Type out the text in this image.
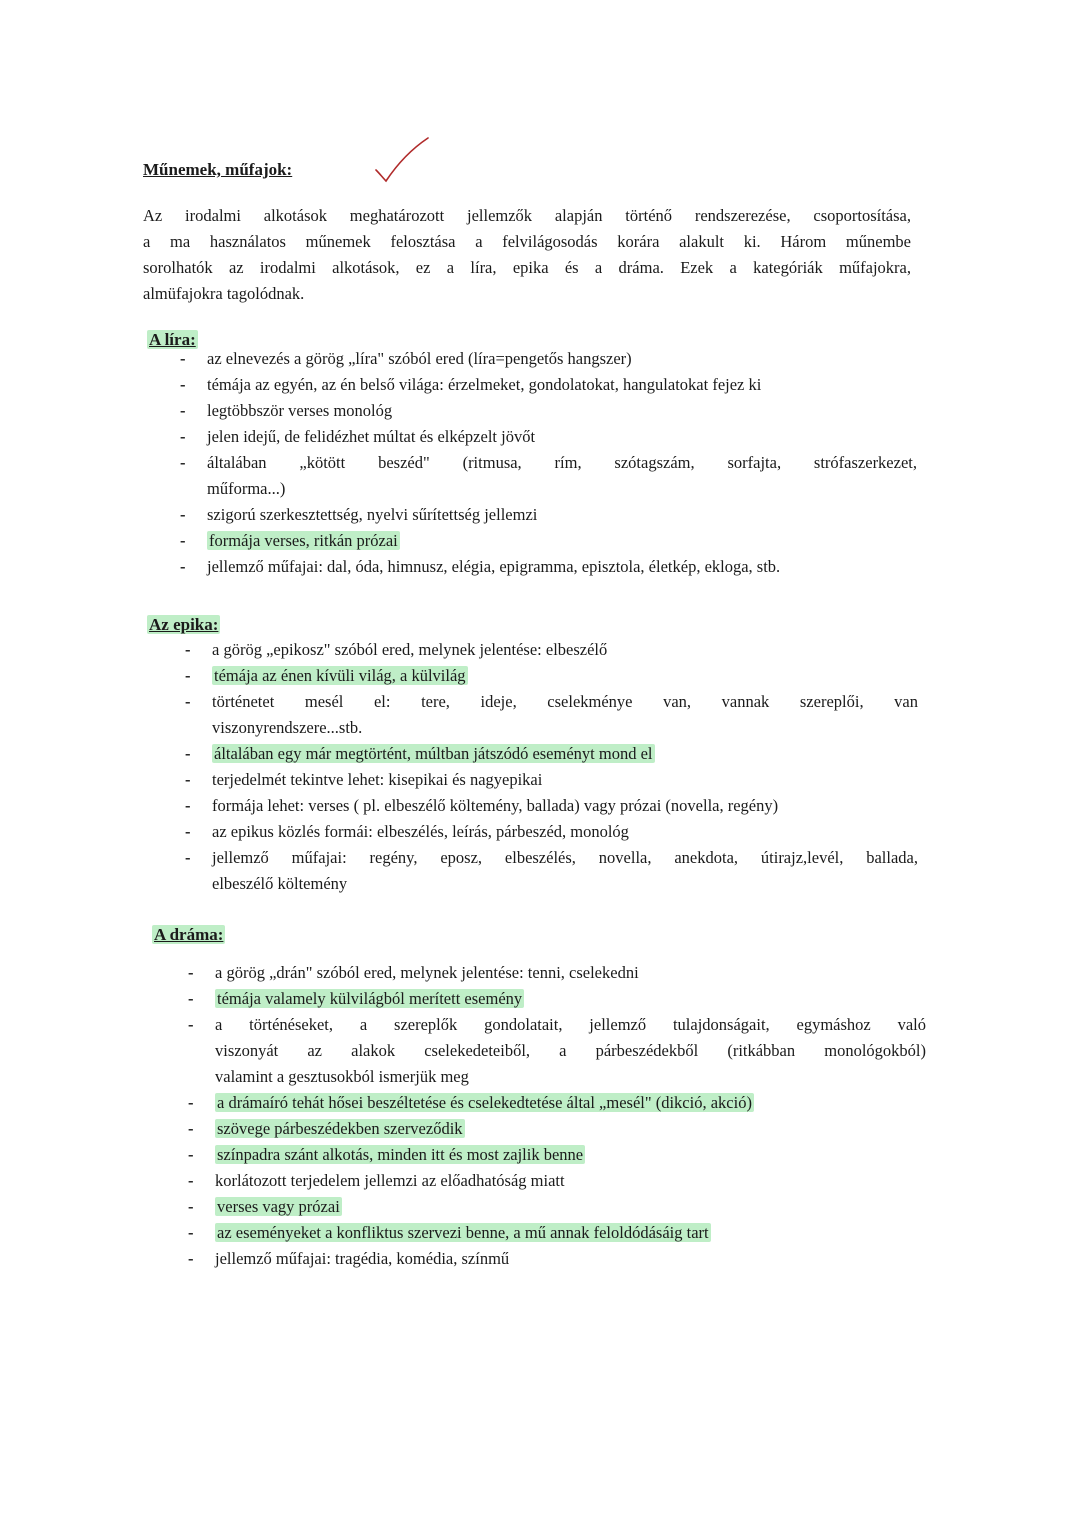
Műnemek, műfajok:
Az irodalmi alkotások meghatározott jellemzők alapján történő rendszerezése, csoportosítása,
a ma használatos műnemek felosztása a felvilágosodás korára alakult ki. Három műnembe
sorolhatók az irodalmi alkotások, ez a líra, epika és a dráma. Ezek a kategóriák műfajokra,
almüfajokra tagolódnak.
A líra:
- az elnevezés a görög „líra" szóból ered (líra=pengetős hangszer)
- témája az egyén, az én belső világa: érzelmeket, gondolatokat, hangulatokat fejez ki
- legtöbbször verses monológ
- jelen idejű, de felidézhet múltat és elképzelt jövőt
- általában „kötött beszéd" (ritmusa, rím, szótagszám, sorfajta, strófaszerkezet,
műforma...)
- szigorú szerkesztettség, nyelvi sűrítettség jellemzi
- formája verses, ritkán prózai
- jellemző műfajai: dal, óda, himnusz, elégia, epigramma, episztola, életkép, ekloga, stb.
Az epika:
- a görög „epikosz" szóból ered, melynek jelentése: elbeszélő
- témája az énen kívüli világ, a külvilág
- történetet mesél el: tere, ideje, cselekménye van, vannak szereplői, van
viszonyrendszere...stb.
- általában egy már megtörtént, múltban játszódó eseményt mond el
- terjedelmét tekintve lehet: kisepikai és nagyepikai
- formája lehet: verses ( pl. elbeszélő költemény, ballada) vagy prózai (novella, regény)
- az epikus közlés formái: elbeszélés, leírás, párbeszéd, monológ
- jellemző műfajai: regény, eposz, elbeszélés, novella, anekdota, útirajz,levél, ballada,
elbeszélő költemény
A dráma:
- a görög „drán" szóból ered, melynek jelentése: tenni, cselekedni
- témája valamely külvilágból merített esemény
- a történéseket, a szereplők gondolatait, jellemző tulajdonságait, egymáshoz való
viszonyát az alakok cselekedeteiből, a párbeszédekből (ritkábban monológokból)
valamint a gesztusokból ismerjük meg
- a drámaíró tehát hősei beszéltetése és cselekedtetése által „mesél" (dikció, akció)
- szövege párbeszédekben szerveződik
- színpadra szánt alkotás, minden itt és most zajlik benne
- korlátozott terjedelem jellemzi az előadhatóság miatt
- verses vagy prózai
- az eseményeket a konfliktus szervezi benne, a mű annak feloldódásáig tart
- jellemző műfajai: tragédia, komédia, színmű
